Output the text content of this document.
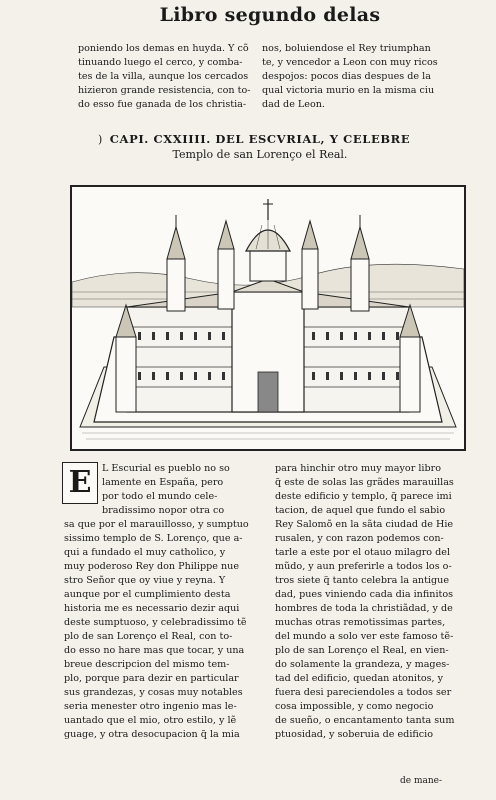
Libro segundo delas
poniendo los demas en huyda. Y cõ
tinuando luego el cerco, y comba-
tes de la villa, aunque los cercados
hizieron grande resistencia, con to-
do esso fue ganada de los christia-
nos, boluiendose el Rey triumphan
te, y vencedor a Leon con muy ricos
despojos: pocos dias despues de la
qual victoria murio en la misma ciu
dad de Leon.
) CAPI. CXXIIII. DEL ESCVRIAL, Y CELEBRE
Templo de san Lorenço el Real.
E	L Escurial es pueblo no so
lamente en España, pero
por todo el mundo cele-
bradissimo nopor otra co
sa que por el marauillosso, y sumptuo
sissimo templo de S. Lorenço, que a-
qui a fundado el muy catholico, y
muy poderoso Rey don Philippe nue
stro Señor que oy viue y reyna. Y
aunque por el cumplimiento desta
historia me es necessario dezir aqui
deste sumptuoso, y celebradissimo tẽ
plo de san Lorenço el Real, con to-
do esso no hare mas que tocar, y una
breue descripcion del mismo tem-
plo, porque para dezir en particular
sus grandezas, y cosas muy notables
seria menester otro ingenio mas le-
uantado que el mio, otro estilo, y lẽ
guage, y otra desocupacion q̃ la mia
para hinchir otro muy mayor libro
q̃ este de solas las grãdes marauillas
deste edificio y templo, q̃ parece imi
tacion, de aquel que fundo el sabio
Rey Salomõ en la sãta ciudad de Hie
rusalen, y con razon podemos con-
tarle a este por el otauo milagro del
mũdo, y aun preferirle a todos los o-
tros siete q̃ tanto celebra la antigue
dad, pues viniendo cada dia infinitos
hombres de toda la christiãdad, y de
muchas otras remotissimas partes,
del mundo a solo ver este famoso tẽ-
plo de san Lorenço el Real, en vien-
do solamente la grandeza, y mages-
tad del edificio, quedan atonitos, y
fuera desi pareciendoles a todos ser
cosa impossible, y como negocio
de sueño, o encantamento tanta sum
ptuosidad, y soberuia de edificio
de mane-
